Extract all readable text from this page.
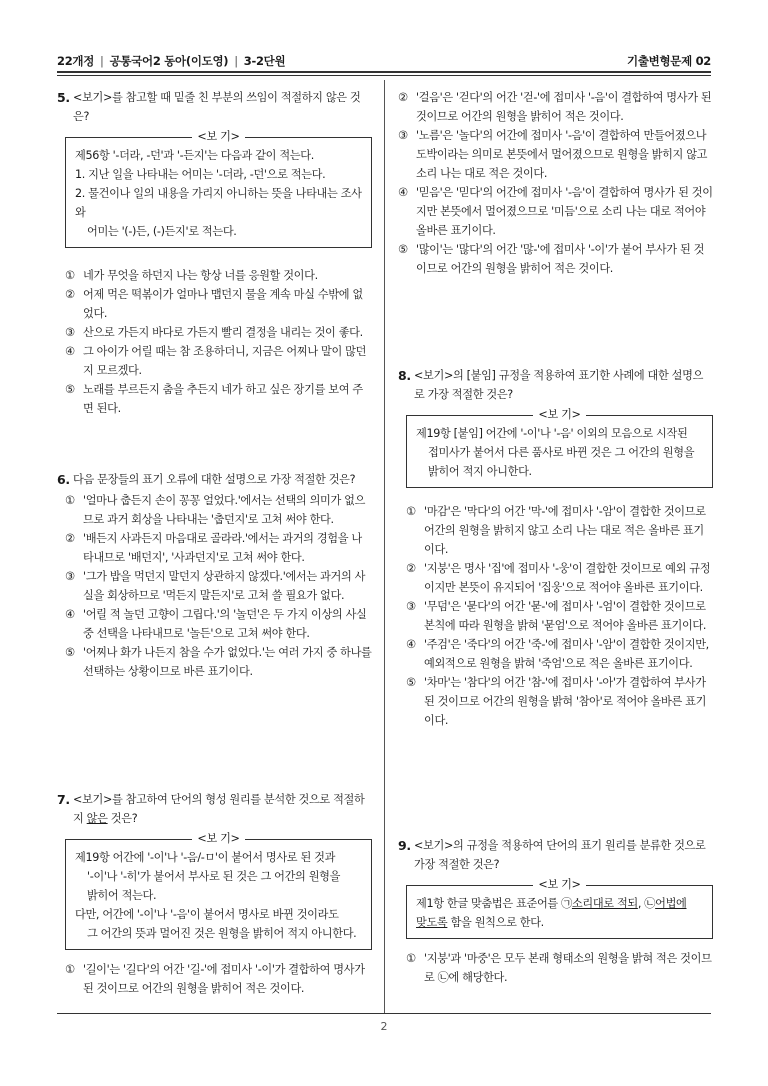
22개정 | 공통국어2 동아(이도영) | 3-2단원	기출변형문제 02
2
5. <보기>를 참고할 때 밑줄 친 부분의 쓰임이 적절하지 않은 것은?
<보 기>
제56항 '-더라, -던'과 '-든지'는 다음과 같이 적는다.
1. 지난 일을 나타내는 어미는 '-더라, -던'으로 적는다.
2. 물건이나 일의 내용을 가리지 아니하는 뜻을 나타내는 조사와
어미는 '(-)든, (-)든지'로 적는다.
① 네가 무엇을 하던지 나는 항상 너를 응원할 것이다.
② 어제 먹은 떡볶이가 얼마나 맵던지 물을 계속 마실 수밖에 없었다.
③ 산으로 가든지 바다로 가든지 빨리 결정을 내리는 것이 좋다.
④ 그 아이가 어릴 때는 참 조용하더니, 지금은 어찌나 말이 많던지 모르겠다.
⑤ 노래를 부르든지 춤을 추든지 네가 하고 싶은 장기를 보여 주면 된다.
6. 다음 문장들의 표기 오류에 대한 설명으로 가장 적절한 것은?
① '얼마나 춥든지 손이 꽁꽁 얼었다.'에서는 선택의 의미가 없으므로 과거 회상을 나타내는 '춥던지'로 고쳐 써야 한다.
② '배든지 사과든지 마음대로 골라라.'에서는 과거의 경험을 나타내므로 '배던지', '사과던지'로 고쳐 써야 한다.
③ '그가 밥을 먹던지 말던지 상관하지 않겠다.'에서는 과거의 사실을 회상하므로 '먹든지 말든지'로 고쳐 쓸 필요가 없다.
④ '어릴 적 놀던 고향이 그립다.'의 '놀던'은 두 가지 이상의 사실 중 선택을 나타내므로 '놀든'으로 고쳐 써야 한다.
⑤ '어찌나 화가 나든지 참을 수가 없었다.'는 여러 가지 중 하나를 선택하는 상황이므로 바른 표기이다.
7. <보기>를 참고하여 단어의 형성 원리를 분석한 것으로 적절하지 않은 것은?
<보 기>
제19항 어간에 '-이'나 '-음/-ㅁ'이 붙어서 명사로 된 것과
'-이'나 '-히'가 붙어서 부사로 된 것은 그 어간의 원형을
밝히어 적는다.
다만, 어간에 '-이'나 '-음'이 붙어서 명사로 바뀐 것이라도
그 어간의 뜻과 멀어진 것은 원형을 밝히어 적지 아니한다.
① '길이'는 '길다'의 어간 '길-'에 접미사 '-이'가 결합하여 명사가 된 것이므로 어간의 원형을 밝히어 적은 것이다.
② '걸음'은 '걷다'의 어간 '걷-'에 접미사 '-음'이 결합하여 명사가 된 것이므로 어간의 원형을 밝히어 적은 것이다.
③ '노름'은 '놀다'의 어간에 접미사 '-음'이 결합하여 만들어졌으나 도박이라는 의미로 본뜻에서 멀어졌으므로 원형을 밝히지 않고 소리 나는 대로 적은 것이다.
④ '믿음'은 '믿다'의 어간에 접미사 '-음'이 결합하여 명사가 된 것이지만 본뜻에서 멀어졌으므로 '미듬'으로 소리 나는 대로 적어야 올바른 표기이다.
⑤ '많이'는 '많다'의 어간 '많-'에 접미사 '-이'가 붙어 부사가 된 것이므로 어간의 원형을 밝히어 적은 것이다.
8. <보기>의 [붙임] 규정을 적용하여 표기한 사례에 대한 설명으로 가장 적절한 것은?
<보 기>
제19항 [붙임] 어간에 '-이'나 '-음' 이외의 모음으로 시작된
접미사가 붙어서 다른 품사로 바뀐 것은 그 어간의 원형을
밝히어 적지 아니한다.
① '마감'은 '막다'의 어간 '막-'에 접미사 '-암'이 결합한 것이므로 어간의 원형을 밝히지 않고 소리 나는 대로 적은 올바른 표기이다.
② '지붕'은 명사 '집'에 접미사 '-웅'이 결합한 것이므로 예외 규정이지만 본뜻이 유지되어 '집웅'으로 적어야 올바른 표기이다.
③ '무덤'은 '묻다'의 어간 '묻-'에 접미사 '-엄'이 결합한 것이므로 본칙에 따라 원형을 밝혀 '묻엄'으로 적어야 올바른 표기이다.
④ '주검'은 '죽다'의 어간 '죽-'에 접미사 '-암'이 결합한 것이지만, 예외적으로 원형을 밝혀 '죽엄'으로 적은 올바른 표기이다.
⑤ '차마'는 '참다'의 어간 '참-'에 접미사 '-아'가 결합하여 부사가 된 것이므로 어간의 원형을 밝혀 '참아'로 적어야 올바른 표기이다.
9. <보기>의 규정을 적용하여 단어의 표기 원리를 분류한 것으로 가장 적절한 것은?
<보 기>
제1항 한글 맞춤법은 표준어를 ㉠소리대로 적되, ㉡어법에
맞도록 함을 원칙으로 한다.
① '지붕'과 '마중'은 모두 본래 형태소의 원형을 밝혀 적은 것이므로 ㉡에 해당한다.
